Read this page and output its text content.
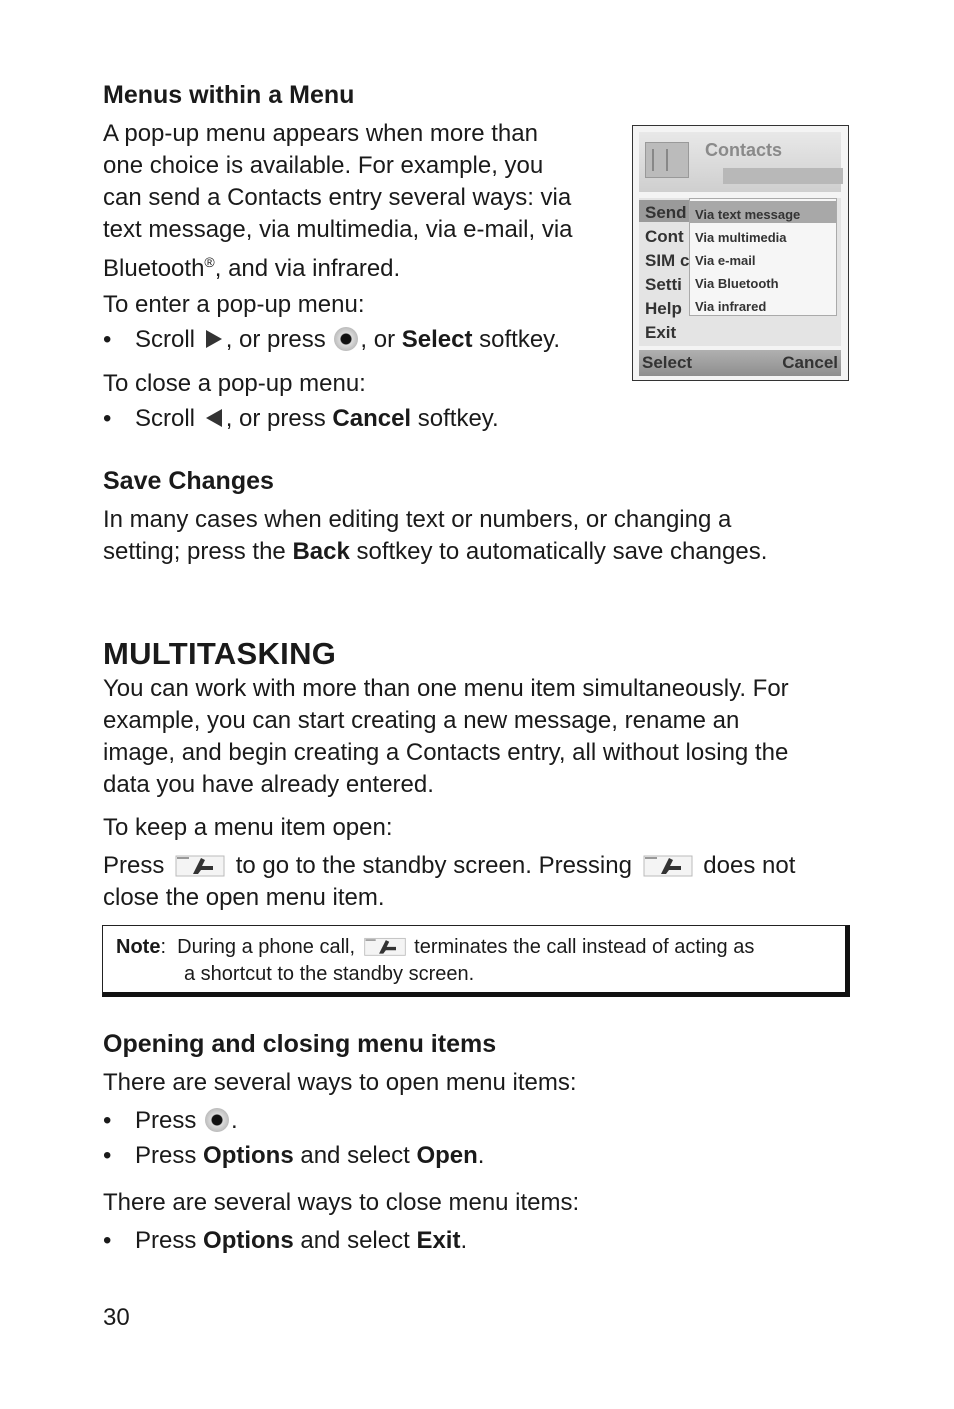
Menus within a Menu
A pop-up menu appears when more than
one choice is available. For example, you
can send a Contacts entry several ways: via
text message, via multimedia, via e-mail, via
Bluetooth®, and via infrared.
To enter a pop-up menu:
• Scroll , or press , or Select softkey.
To close a pop-up menu:
• Scroll , or press Cancel softkey.
Contacts
Send
Cont
SIM c
Setti
Help
Exit
Via text message
Via multimedia
Via e-mail
Via Bluetooth
Via infrared
Select	Cancel
Save Changes
In many cases when editing text or numbers, or changing a
setting; press the Back softkey to automatically save changes.
MULTITASKING
You can work with more than one menu item simultaneously. For
example, you can start creating a new message, rename an
image, and begin creating a Contacts entry, all without losing the
data you have already entered.
To keep a menu item open:
Press	to go to the standby screen. Pressing	does not
close the open menu item.
Note:  During a phone call,	terminates the call instead of acting as
a shortcut to the standby screen.
Opening and closing menu items
There are several ways to open menu items:
• Press .
• Press Options and select Open.
There are several ways to close menu items:
• Press Options and select Exit.
30
